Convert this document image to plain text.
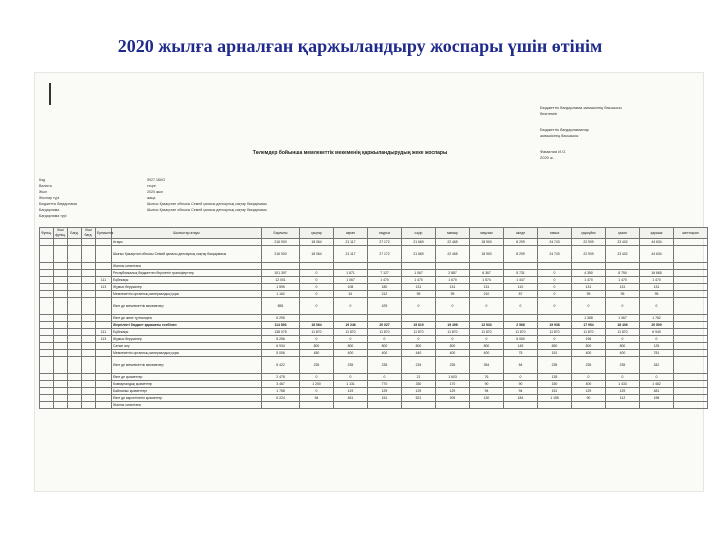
2020 жылға арналған қаржыландыру жоспары үшін өтінім
Бюджеттік бағдарлама әкімшісінің басшысы
бекітемін
Бюджеттік бағдарламалар
әкімшісінің басшысы
Фамилия И.О.
2020 ж.
Төлемдер бойынша мемлекеттік мекеменің қаржыландырудың жеке жоспары
Код	5927.1БКО
Валюта	теңге
Жыл	2020 жыл
Жоспар түрі	жаңа
Бюджеттік бағдарлама	Шығыс Қазақстан облысы Семей қаласы денсаулық сақтау басқармасы
Бағдарлама	Шығыс Қазақстан облысы Семей қаласы денсаулық сақтау басқармасы
Бағдарлама түрі
Функц.	Кіші функц.	Бағд.	Кіші бағд.	Ерекшелік	Шығыстар атауы	Барлығы	қаңтар	ақпан	наурыз	сәуір	мамыр	маусым	шілде	тамыз	қыркүйек	қазан	қараша	желтоқсан
					Атауы	216 900	18 064	21 117	27 172	21 669	22 465	18 900	8 299	24 743	22 909	23 402	44 634	
					Шығыс Қазақстан облысы Семей қаласы денсаулық сақтау басқармасы	216 900	18 064	21 117	27 172	21 669	22 465	18 900	8 299	24 743	22 909	23 402	44 634	
					Жалпы сипаттағы													
					Республикалық бюджеттен берілетін трансферттер	101 397	0	1 871	7 127	1 067	2 887	6 367	5 731	0	4 350	8 750	16 665	
				111	Еңбекақы	12 001	0	1 067	1 470	1 470	1 670	1 574	1 447	0	1 470	1 470	1 470	
				113	Жұмыс берушілер	1 595	0	108	180	131	131	131	110	0	131	131	131	
					Мемлекеттік органның материалдық қоры	1 162	0	61	212	95	95	210	87	0	95	95	95	
					Өзге де мемлекеттік мекемелер	855	0	0	429	0	0	0	0	0	0	0	0	
					Өзге де жеке тұлғаларға	6 295									1 368	1 367	1 782	
					Жергілікті бюджет қаражаты есебінен	114 893	18 064	19 246	20 027	19 619	19 498	12 533	2 568	19 938	17 954	18 406	20 509	
				111	Еңбекақы	138 075	11 870	11 870	11 870	11 870	11 870	11 870	11 870	11 870	11 870	11 870	6 940	
				113	Жұмыс берушілер	5 256	0	0	0	0	0	0	5 060	0	196	0	0	
					Сатып алу	6 934	800	800	800	800	800	800	145	650	800	800	125	
					Мемлекеттік органның материалдық қоры	5 006	450	400	400	440	400	400	75	151	400	400	781	
					Өзге де мемлекеттік мекемелер	5 422	235	235	235	215	235	354	54	235	235	235	342	
					Өзге де қызметтер	2 478	0	0	0	21	1 603	76	0	135	0	0	0	
					Коммуналдық қызметтер	3 467	1 200	1 131	770	330	170	90	90	150	400	1 433	1 462	
					Байланыс қызметтері	1 758	0	119	129	129	129	94	94	151	129	129	481	
					Өзге де көрсетілетін қызметтер	6 224	54	461	151	521	209	130	184	1 155	90	112	198	
					Жалпы сипаттағы													
